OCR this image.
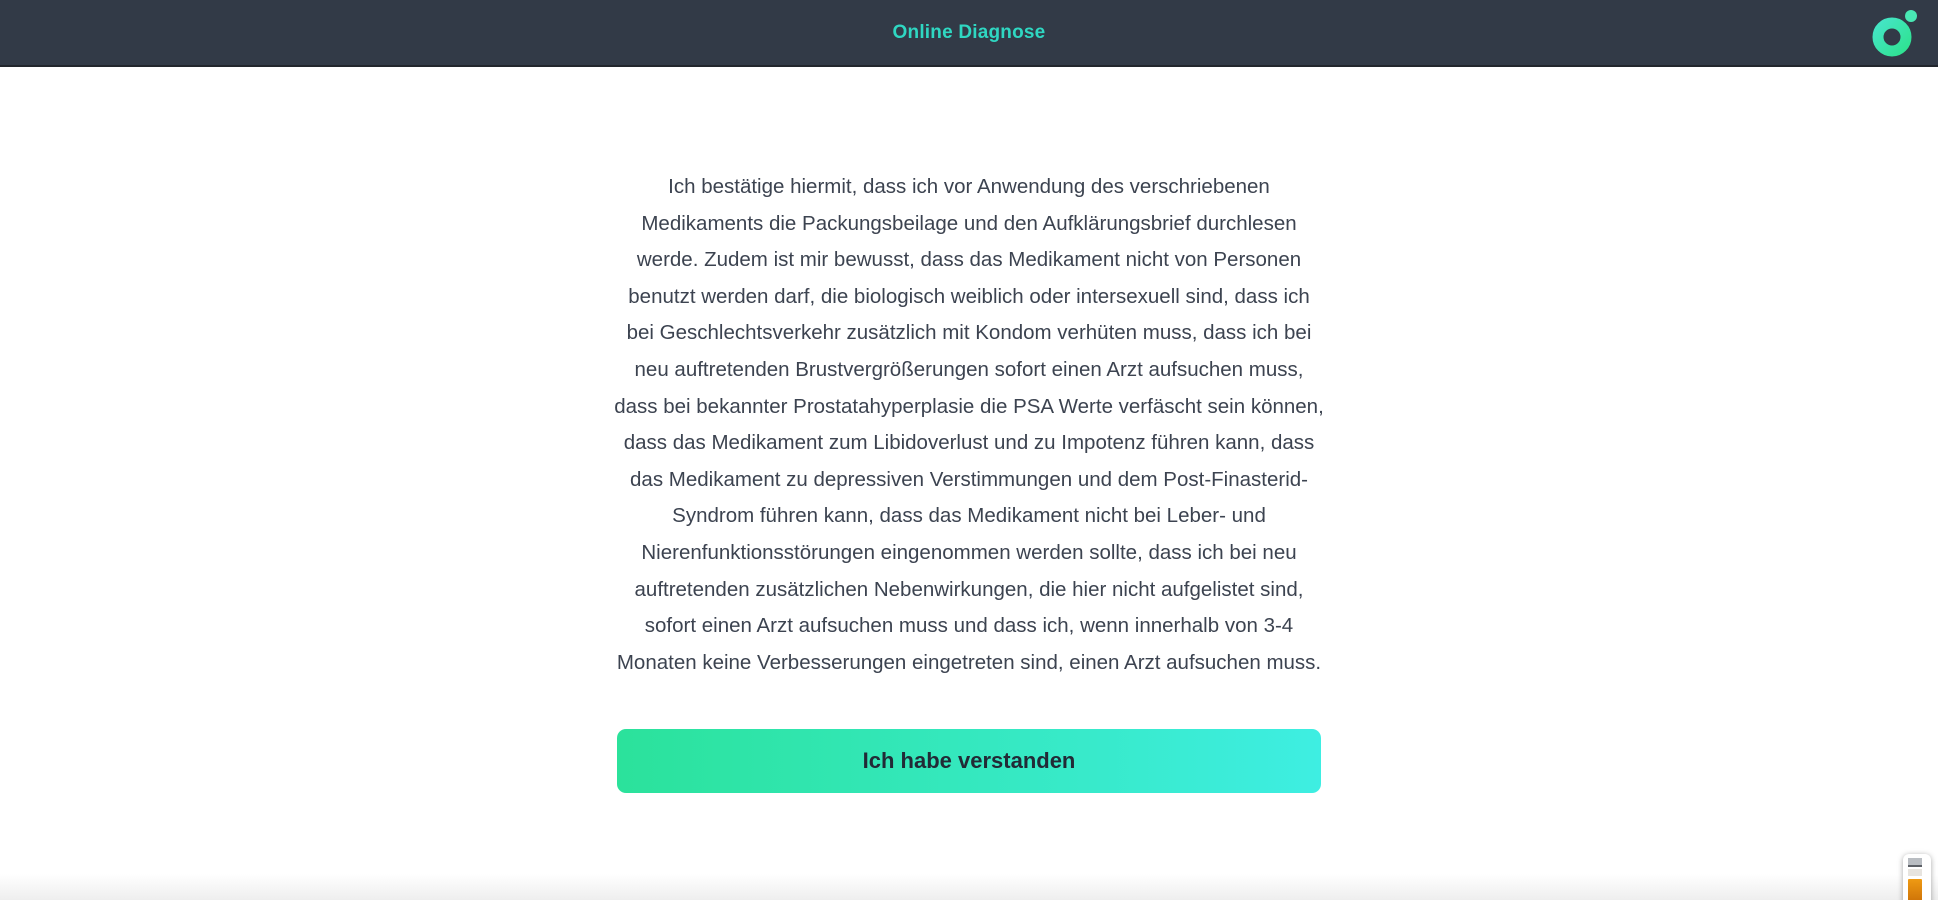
Online Diagnose

Ich bestätige hiermit, dass ich vor Anwendung des verschriebenen Medikaments die Packungsbeilage und den Aufklärungsbrief durchlesen werde. Zudem ist mir bewusst, dass das Medikament nicht von Personen benutzt werden darf, die biologisch weiblich oder intersexuell sind, dass ich bei Geschlechtsverkehr zusätzlich mit Kondom verhüten muss, dass ich bei neu auftretenden Brustvergrößerungen sofort einen Arzt aufsuchen muss, dass bei bekannter Prostatahyperplasie die PSA Werte verfäscht sein können, dass das Medikament zum Libidoverlust und zu Impotenz führen kann, dass das Medikament zu depressiven Verstimmungen und dem Post-Finasterid-Syndrom führen kann, dass das Medikament nicht bei Leber- und Nierenfunktionsstörungen eingenommen werden sollte, dass ich bei neu auftretenden zusätzlichen Nebenwirkungen, die hier nicht aufgelistet sind, sofort einen Arzt aufsuchen muss und dass ich, wenn innerhalb von 3-4 Monaten keine Verbesserungen eingetreten sind, einen Arzt aufsuchen muss.

Ich habe verstanden
